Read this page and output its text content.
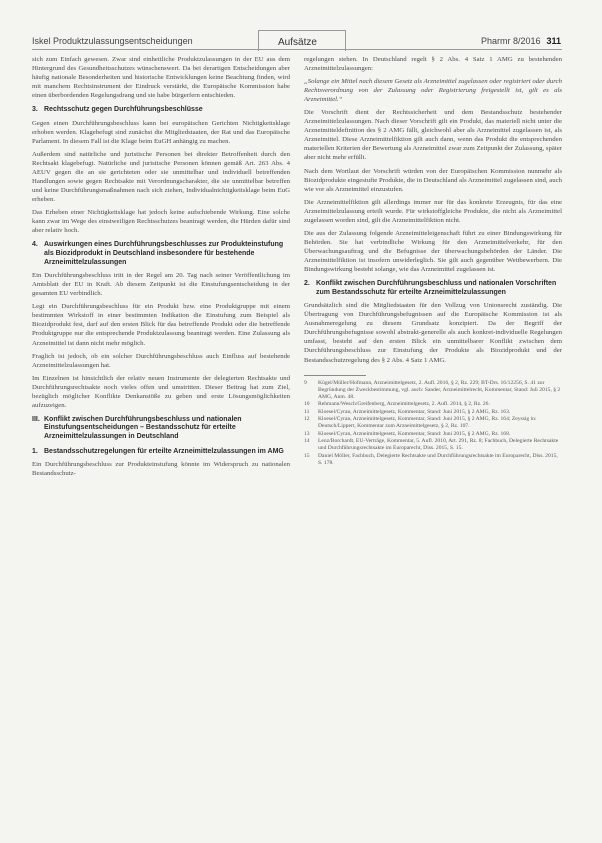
Iskel Produktzulassungsentscheidungen	Aufsätze	Pharmr 8/2016 311

sich zum Einfach gewesen. Zwar sind einheitliche Produktzulassungen in der EU aus dem Hintergrund des Gesundheitsschutzes wünschenswert. Da bei derartigen Entscheidungen aber häufig nationale Besonderheiten und historische Entwicklungen keine Beachtung finden, wird mit manchem Rechtsinstrument der Eindruck verstärkt, die Europäische Kommission habe einen überbordenden Regelungsdrang und sie habe bürgerfern entschieden.

3. Rechtsschutz gegen Durchführungsbeschlüsse

Gegen einen Durchführungsbeschluss kann bei europäischen Gerichten Nichtigkeitsklage erhoben werden. Klagebefugt sind zunächst die Mitgliedstaaten, der Rat und das Europäische Parlament. In diesem Fall ist die Klage beim EuGH anhängig zu machen.

Außerdem sind natürliche und juristische Personen bei direkter Betroffenheit durch den Rechtsakt klagebefugt. Natürliche und juristische Personen können gemäß Art. 263 Abs. 4 AEUV gegen die an sie gerichteten oder sie unmittelbar und individuell betreffenden Handlungen sowie gegen Rechtsakte mit Verordnungscharakter, die sie unmittelbar betreffen und keine Durchführungsmaßnahmen nach sich ziehen, Individualnichtigkeitsklage beim EuG erheben.

Das Erheben einer Nichtigkeitsklage hat jedoch keine aufschiebende Wirkung. Eine solche kann zwar im Wege des einstweiligen Rechtsschutzes beantragt werden, die Hürden dafür sind aber relativ hoch.

4. Auswirkungen eines Durchführungsbeschlusses zur Produkteinstufung als Biozidprodukt in Deutschland insbesondere für bestehende Arzneimittelzulassungen

Ein Durchführungsbeschluss tritt in der Regel am 20. Tag nach seiner Veröffentlichung im Amtsblatt der EU in Kraft. Ab diesem Zeitpunkt ist die Einstufungsentscheidung in der gesamten EU verbindlich.

Legt ein Durchführungsbeschluss für ein Produkt bzw. eine Produktgruppe mit einem bestimmten Wirkstoff in einer bestimmten Indikation die Einstufung zum Beispiel als Biozidprodukt fest, darf auf den ersten Blick für das betreffende Produkt oder die betreffende Produktgruppe nur die entsprechende Produktzulassung beantragt werden. Eine Zulassung als Arzneimittel ist dann nicht mehr möglich.

Fraglich ist jedoch, ob ein solcher Durchführungsbeschluss auch Einfluss auf bestehende Arzneimittelzulassungen hat.

Im Einzelnen ist hinsichtlich der relativ neuen Instrumente der delegierten Rechtsakte und Durchführungsrechtsakte noch vieles offen und umstritten. Dieser Beitrag hat zum Ziel, bezüglich möglicher Konflikte Denkanstöße zu geben und erste Lösungsmöglichkeiten aufzuzeigen.

III. Konflikt zwischen Durchführungsbeschluss und nationalen Einstufungsentscheidungen – Bestandsschutz für erteilte Arzneimittelzulassungen in Deutschland
1. Bestandsschutzregelungen für erteilte Arzneimittelzulassungen im AMG

Ein Durchführungsbeschluss zur Produkteinstufung könnte im Widerspruch zu nationalen Bestandsschutz-

regelungen stehen. In Deutschland regelt § 2 Abs. 4 Satz 1 AMG zu bestehenden Arzneimittelzulassungen:

„Solange ein Mittel nach diesem Gesetz als Arzneimittel zugelassen oder registriert oder durch Rechtsverordnung von der Zulassung oder Registrierung freigestellt ist, gilt es als Arzneimittel.“

Die Vorschrift dient der Rechtssicherheit und dem Bestandsschutz bestehender Arzneimittelzulassungen. Nach dieser Vorschrift gilt ein Produkt, das materiell nicht unter die Arzneimitteldefinition des § 2 AMG fällt, gleichwohl aber als Arzneimittel zugelassen ist, als Arzneimittel. Diese Arzneimittelfiktion gilt auch dann, wenn das Produkt die entsprechenden materiellen Kriterien der Bewertung als Arzneimittel zwar zum Zeitpunkt der Zulassung, später aber nicht mehr erfüllt.

Nach dem Wortlaut der Vorschrift würden von der Europäischen Kommission nunmehr als Biozidprodukte eingestufte Produkte, die in Deutschland als Arzneimittel zugelassen sind, auch wie vor als Arzneimittel einzustufen.

Die Arzneimittelfiktion gilt allerdings immer nur für das konkrete Erzeugnis, für das eine Arzneimittelzulassung erteilt wurde. Für wirkstoffgleiche Produkte, die nicht als Arzneimittel zugelassen worden sind, gilt die Arzneimittelfiktion nicht.

Die aus der Zulassung folgende Arzneimitteleigenschaft führt zu einer Bindungswirkung für Behörden. Sie hat verbindliche Wirkung für den Arzneimittelverkehr, für den Überwachungsauftrag und die Befugnisse der überwachungsbehörden der Länder. Die Arzneimittelfiktion ist insofern unwiderleglich. Sie gilt auch gegenüber Wettbewerbern. Die Bindungswirkung besteht solange, wie das Arzneimittel zugelassen ist.

2. Konflikt zwischen Durchführungsbeschluss und nationalen Vorschriften zum Bestandsschutz für erteilte Arzneimittelzulassungen

Grundsätzlich sind die Mitgliedstaaten für den Vollzug von Unionsrecht zuständig. Die Übertragung von Durchführungsbefugnissen auf die Europäische Kommission ist als Ausnahmeregelung zu diesem Grundsatz konzipiert. Da der Begriff der Durchführungsbefugnisse sowohl abstrakt-generelle als auch konkret-individuelle Regelungen umfasst, besteht auf den ersten Blick ein unmittelbarer Konflikt zwischen dem Durchführungsbeschluss zur Einstufung der Produkte als Biozidprodukt und der Bestandsschutzregelung des § 2 Abs. 4 Satz 1 AMG.

9	Kügel/Müller/Hofmann, Arzneimittelgesetz, 2. Aufl. 2016, § 2, Rz. 229; BT-Drs. 16/12256, S. 41 zur Begründung der Zweckbestimmung, vgl. auch: Sander, Arzneimittelrecht, Kommentar, Stand: Juli 2015, § 2 AMG, Anm. 48.
10	Rehmann/Wesch/Greifenberg, Arzneimittelgesetz, 2. Aufl. 2014, § 2, Rz. 26.
11	Kloesel/Cyran, Arzneimittelgesetz, Kommentar, Stand: Juni 2015, § 2 AMG, Rz. 163.
12	Kloesel/Cyran, Arzneimittelgesetz, Kommentar, Stand: Juni 2015, § 2 AMG, Rz. 164; Zeyssig in: Deutsch/Lippert, Kommentar zum Arzneimittelgesetz, § 2, Rz. 107.
13	Kloesel/Cyran, Arzneimittelgesetz, Kommentar, Stand: Juni 2015, § 2 AMG, Rz. 168.
14	Lenz/Borchardt, EU-Verträge, Kommentar, 5. Aufl. 2010, Art. 291, Rz. 8; Fachbuch, Delegierte Rechtsakte und Durchführungsrechtsakte im Europarecht, Diss. 2015, S. 15.
15	Daniel Möller, Fachbuch, Delegierte Rechtsakte und Durchführungsrechtsakte im Europarecht, Diss. 2015, S. 178.
